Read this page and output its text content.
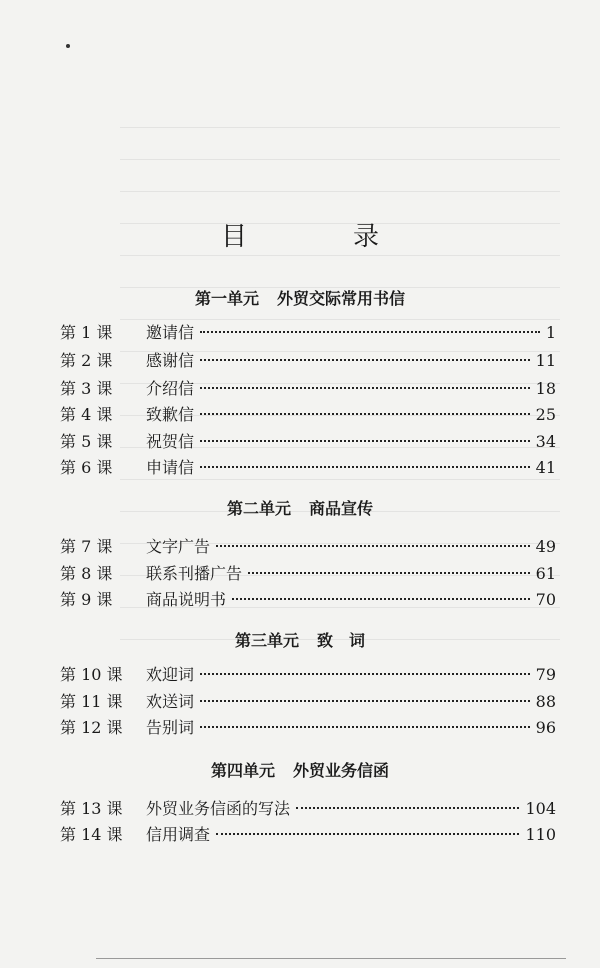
目　录
第一单元 外贸交际常用书信
第 1 课	邀请信	1
第 2 课	感谢信	11
第 3 课	介绍信	18
第 4 课	致歉信	25
第 5 课	祝贺信	34
第 6 课	申请信	41
第二单元 商品宣传
第 7 课	文字广告	49
第 8 课	联系刊播广告	61
第 9 课	商品说明书	70
第三单元 致　词
第 10 课	欢迎词	79
第 11 课	欢送词	88
第 12 课	告别词	96
第四单元 外贸业务信函
第 13 课	外贸业务信函的写法	104
第 14 课	信用调查	110
